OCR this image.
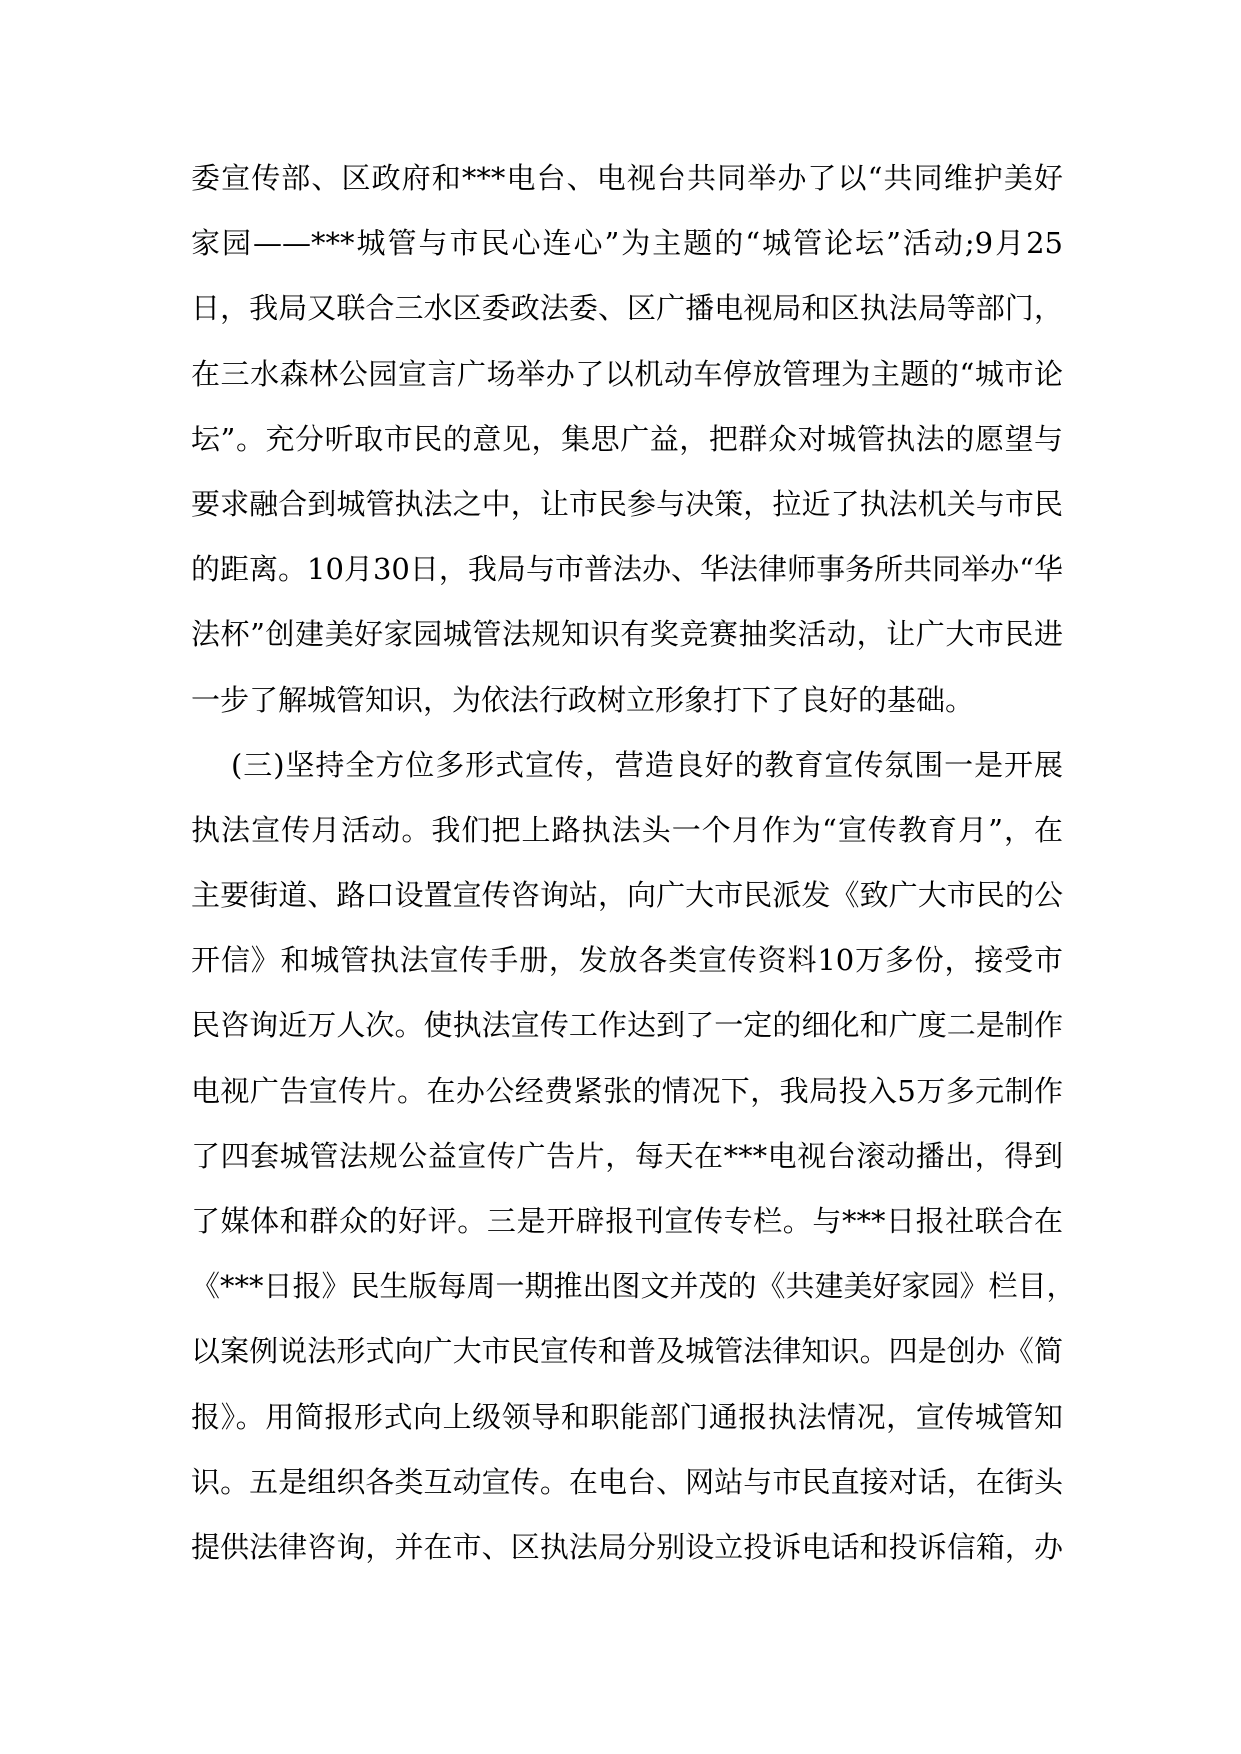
委宣传部、区政府和***电台、电视台共同举办了以“共同维护美好
家园——***城管与市民心连心”为主题的“城管论坛”活动;9月25
日，我局又联合三水区委政法委、区广播电视局和区执法局等部门，
在三水森林公园宣言广场举办了以机动车停放管理为主题的“城市论
坛”。充分听取市民的意见，集思广益，把群众对城管执法的愿望与
要求融合到城管执法之中，让市民参与决策，拉近了执法机关与市民
的距离。10月30日，我局与市普法办、华法律师事务所共同举办“华
法杯”创建美好家园城管法规知识有奖竞赛抽奖活动，让广大市民进
一步了解城管知识，为依法行政树立形象打下了良好的基础。
(三)坚持全方位多形式宣传，营造良好的教育宣传氛围一是开展
执法宣传月活动。我们把上路执法头一个月作为“宣传教育月”，在
主要街道、路口设置宣传咨询站，向广大市民派发《致广大市民的公
开信》和城管执法宣传手册，发放各类宣传资料10万多份，接受市
民咨询近万人次。使执法宣传工作达到了一定的细化和广度二是制作
电视广告宣传片。在办公经费紧张的情况下，我局投入5万多元制作
了四套城管法规公益宣传广告片，每天在***电视台滚动播出，得到
了媒体和群众的好评。三是开辟报刊宣传专栏。与***日报社联合在
《***日报》民生版每周一期推出图文并茂的《共建美好家园》栏目，
以案例说法形式向广大市民宣传和普及城管法律知识。四是创办《简
报》。用简报形式向上级领导和职能部门通报执法情况，宣传城管知
识。五是组织各类互动宣传。在电台、网站与市民直接对话，在街头
提供法律咨询，并在市、区执法局分别设立投诉电话和投诉信箱，办
